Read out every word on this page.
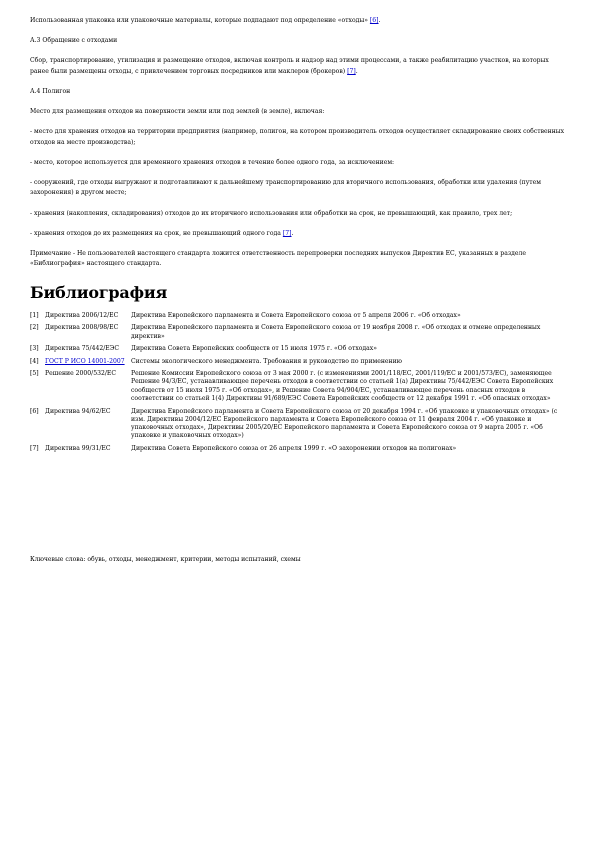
Использованная упаковка или упаковочные материалы, которые подпадают под определение «отходы» [6].

А.3 Обращение с отходами

Сбор, транспортирование, утилизация и размещение отходов, включая контроль и надзор над этими процессами, а также реабилитацию участков, на которых ранее были размещены отходы, с привлечением торговых посредников или маклеров (брокеров) [7].

А.4 Полигон

Место для размещения отходов на поверхности земли или под землей (в земле), включая:

- место для хранения отходов на территории предприятия (например, полигон, на котором производитель отходов осуществляет складирование своих собственных отходов на месте производства);

- место, которое используется для временного хранения отходов в течение более одного года, за исключением:

- сооружений, где отходы выгружают и подготавливают к дальнейшему транспортированию для вторичного использования, обработки или удаления (путем захоронения) в другом месте;

- хранения (накопления, складирования) отходов до их вторичного использования или обработки на срок, не превышающий, как правило, трех лет;

- хранения отходов до их размещения на срок, не превышающий одного года [7].

Примечание - Не пользователей настоящего стандарта ложится ответственность перепроверки последних выпусков Директив ЕС, указанных в разделе «Библиография» настоящего стандарта.

Библиография
[1]	Директива 2006/12/ЕС	Директива Европейского парламента и Совета Европейского союза от 5 апреля 2006 г. «Об отходах»
[2]	Директива 2008/98/ЕС	Директива Европейского парламента и Совета Европейского союза от 19 ноября 2008 г. «Об отходах и отмене определенных директив»
[3]	Директива 75/442/ЕЭС	Директива Совета Европейских сообществ от 15 июля 1975 г. «Об отходах»
[4]	ГОСТ Р ИСО 14001-2007	Системы экологического менеджмента. Требования и руководство по применению
[5]	Решение 2000/532/ЕС	Решение Комиссии Европейского союза от 3 мая 2000 г. (с изменениями 2001/118/ЕС, 2001/119/ЕС и 2001/573/ЕС), заменяющее Решение 94/3/ЕС, устанавливающее перечень отходов в соответствии со статьей 1(а) Директивы 75/442/ЕЭС Совета Европейских сообществ от 15 июля 1975 г. «Об отходах», и Решение Совета 94/904/ЕС, устанавливающее перечень опасных отходов в соответствии со статьей 1(4) Директивы 91/689/ЕЭС Совета Европейских сообществ от 12 декабря 1991 г. «Об опасных отходах»
[6]	Директива 94/62/ЕС	Директива Европейского парламента и Совета Европейского союза от 20 декабря 1994 г. «Об упаковке и упаковочных отходах» (с изм. Директивы 2004/12/ЕС Европейского парламента и Совета Европейского союза от 11 февраля 2004 г. «Об упаковке и упаковочных отходах», Директивы 2005/20/ЕС Европейского парламента и Совета Европейского союза от 9 марта 2005 г. «Об упаковке и упаковочных отходах»)
[7]	Директива 99/31/ЕС	Директива Совета Европейского союза от 26 апреля 1999 г. «О захоронении отходов на полигонах»

Ключевые слова: обувь, отходы, менеджмент, критерии, методы испытаний, схемы
